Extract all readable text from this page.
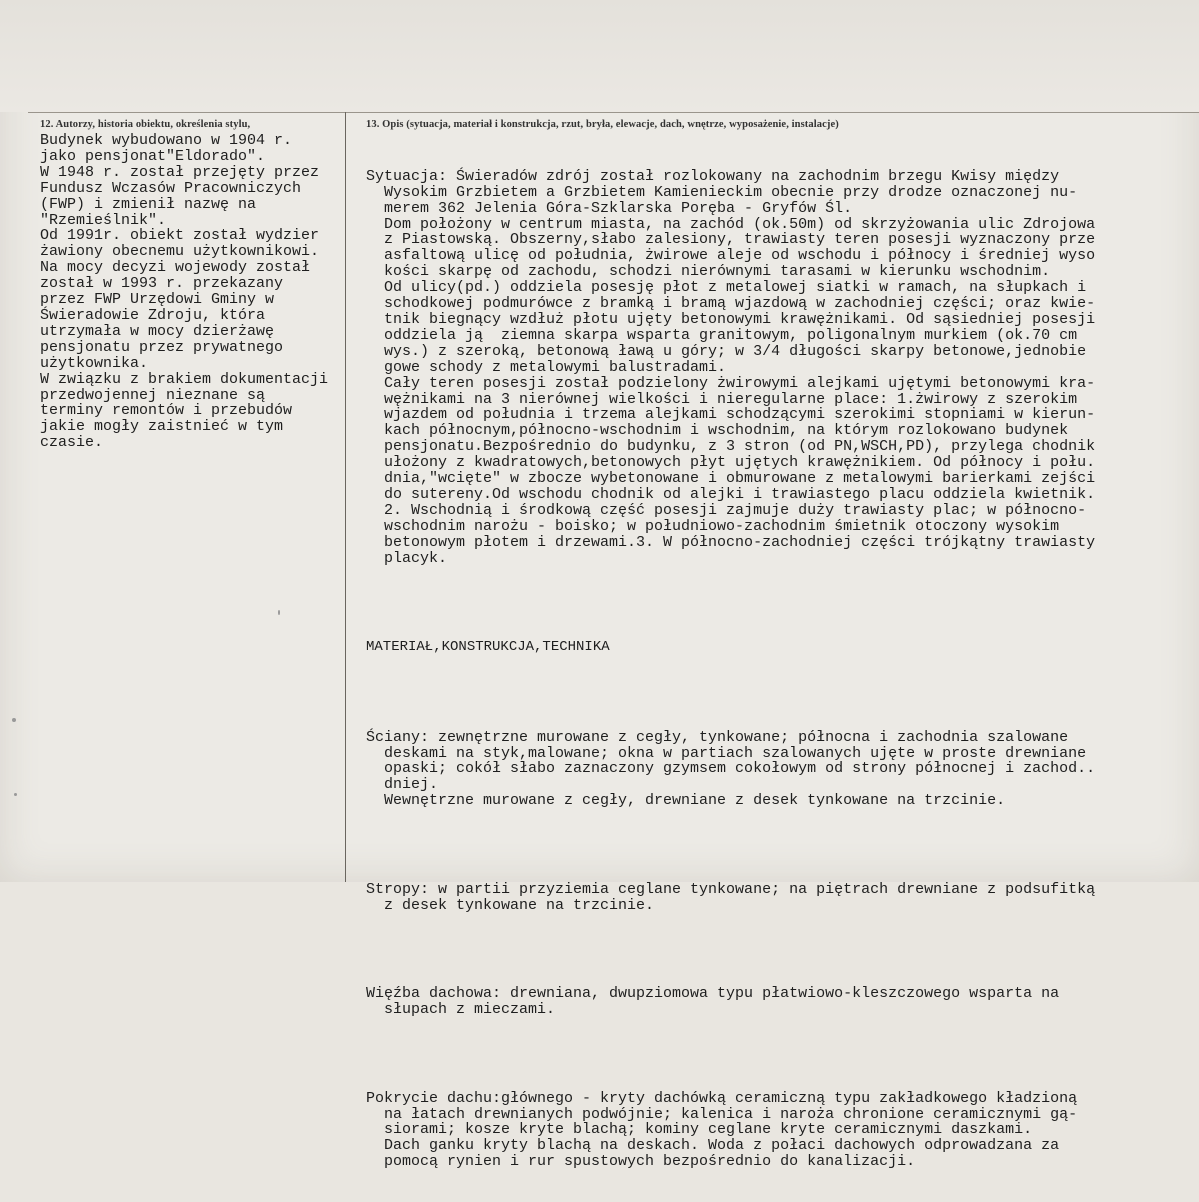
12. Autorzy, historia obiektu, określenia stylu,	13. Opis (sytuacja, materiał i konstrukcja, rzut, bryła, elewacje, dach, wnętrze, wyposażenie, instalacje)
Budynek wybudowano w 1904 r.
jako pensjonat"Eldorado".
W 1948 r. został przejęty przez
Fundusz Wczasów Pracowniczych
(FWP) i zmienił nazwę na
"Rzemieślnik".
Od 1991r. obiekt został wydzier
żawiony obecnemu użytkownikowi.
Na mocy decyzi wojewody został
został w 1993 r. przekazany
przez FWP Urzędowi Gminy w
Świeradowie Zdroju, która
utrzymała w mocy dzierżawę
pensjonatu przez prywatnego
użytkownika.
W związku z brakiem dokumentacji
przedwojennej nieznane są
terminy remontów i przebudów
jakie mogły zaistnieć w tym
czasie.

Sytuacja: Świeradów zdrój został rozlokowany na zachodnim brzegu Kwisy między
Wysokim Grzbietem a Grzbietem Kamienieckim obecnie przy drodze oznaczonej nu-
merem 362 Jelenia Góra-Szklarska Poręba - Gryfów Śl.
Dom położony w centrum miasta, na zachód (ok.50m) od skrzyżowania ulic Zdrojowa
z Piastowską. Obszerny,słabo zalesiony, trawiasty teren posesji wyznaczony prze
asfaltową ulicę od południa, żwirowe aleje od wschodu i północy i średniej wyso
kości skarpę od zachodu, schodzi nierównymi tarasami w kierunku wschodnim.
Od ulicy(pd.) oddziela posesję płot z metalowej siatki w ramach, na słupkach i
schodkowej podmurówce z bramką i bramą wjazdową w zachodniej części; oraz kwie-
tnik biegnący wzdłuż płotu ujęty betonowymi krawężnikami. Od sąsiedniej posesji
oddziela ją  ziemna skarpa wsparta granitowym, poligonalnym murkiem (ok.70 cm
wys.) z szeroką, betonową ławą u góry; w 3/4 długości skarpy betonowe,jednobie
gowe schody z metalowymi balustradami.
Cały teren posesji został podzielony żwirowymi alejkami ujętymi betonowymi kra-
wężnikami na 3 nierównej wielkości i nieregularne place: 1.żwirowy z szerokim
wjazdem od południa i trzema alejkami schodzącymi szerokimi stopniami w kierun-
kach północnym,północno-wschodnim i wschodnim, na którym rozlokowano budynek
pensjonatu.Bezpośrednio do budynku, z 3 stron (od PN,WSCH,PD), przylega chodnik
ułożony z kwadratowych,betonowych płyt ujętych krawężnikiem. Od północy i połu.
dnia,"wcięte" w zbocze wybetonowane i obmurowane z metalowymi barierkami zejści
do sutereny.Od wschodu chodnik od alejki i trawiastego placu oddziela kwietnik.
2. Wschodnią i środkową część posesji zajmuje duży trawiasty plac; w północno-
wschodnim narożu - boisko; w południowo-zachodnim śmietnik otoczony wysokim
betonowym płotem i drzewami.3. W północno-zachodniej części trójkątny trawiasty
placyk.

MATERIAŁ,KONSTRUKCJA,TECHNIKA

Ściany: zewnętrzne murowane z cegły, tynkowane; północna i zachodnia szalowane
deskami na styk,malowane; okna w partiach szalowanych ujęte w proste drewniane
opaski; cokół słabo zaznaczony gzymsem cokołowym od strony północnej i zachod..
dniej.
Wewnętrzne murowane z cegły, drewniane z desek tynkowane na trzcinie.

Stropy: w partii przyziemia ceglane tynkowane; na piętrach drewniane z podsufitką
z desek tynkowane na trzcinie.

Więźba dachowa: drewniana, dwupziomowa typu płatwiowo-kleszczowego wsparta na
słupach z mieczami.

Pokrycie dachu:głównego - kryty dachówką ceramiczną typu zakładkowego kładzioną
na łatach drewnianych podwójnie; kalenica i naroża chronione ceramicznymi gą-
siorami; kosze kryte blachą; kominy ceglane kryte ceramicznymi daszkami.
Dach ganku kryty blachą na deskach. Woda z połaci dachowych odprowadzana za
pomocą rynien i rur spustowych bezpośrednio do kanalizacji.
